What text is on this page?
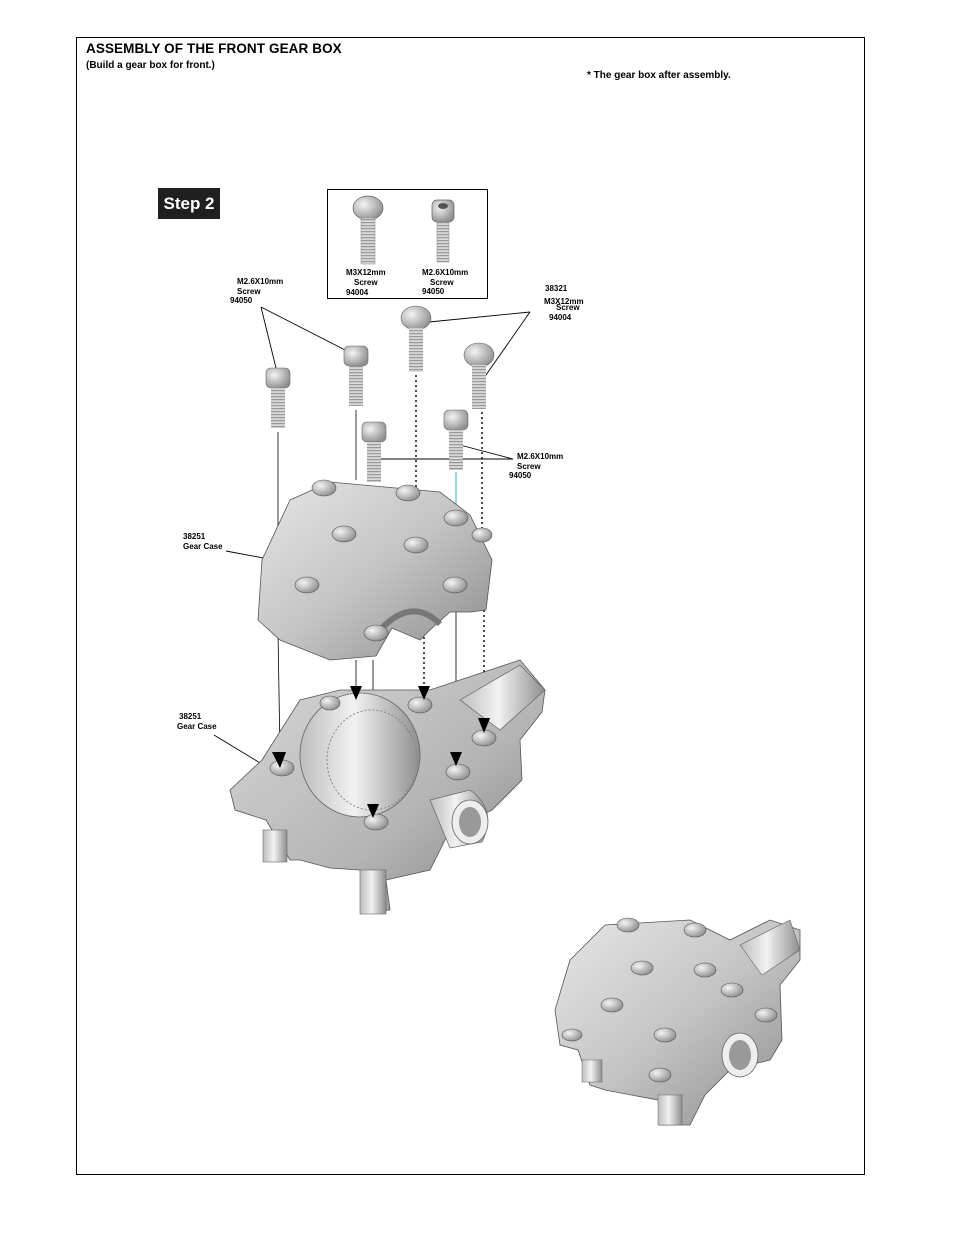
ASSEMBLY OF THE FRONT GEAR BOX
(Build a gear box for front.)
* The gear box after assembly.
Step 2
M3X12mm
Screw
94004
M2.6X10mm
Screw
94050
M2.6X10mm
Screw
94050
38321
M3X12mm
Screw
94004
M2.6X10mm
Screw
94050
38251
Gear Case
38251
Gear Case
